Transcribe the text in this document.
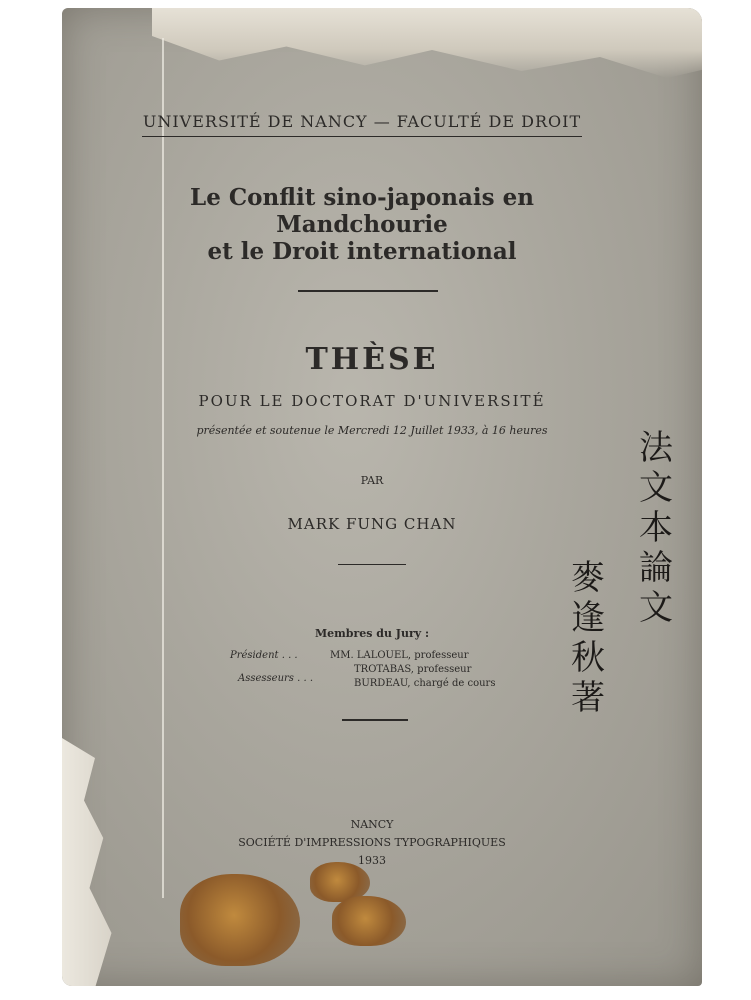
UNIVERSITÉ DE NANCY — FACULTÉ DE DROIT
Le Conflit sino-japonais en Mandchourie
et le Droit international
THÈSE
POUR LE DOCTORAT D'UNIVERSITÉ
présentée et soutenue le Mercredi 12 Juillet 1933, à 16 heures
PAR
MARK FUNG CHAN
Membres du Jury :
Président . . .
Assesseurs . . .
MM. LALOUEL, professeur
TROTABAS, professeur
BURDEAU, chargé de cours
NANCY
SOCIÉTÉ D'IMPRESSIONS TYPOGRAPHIQUES
1933
法文本論文
麥逢秋著
